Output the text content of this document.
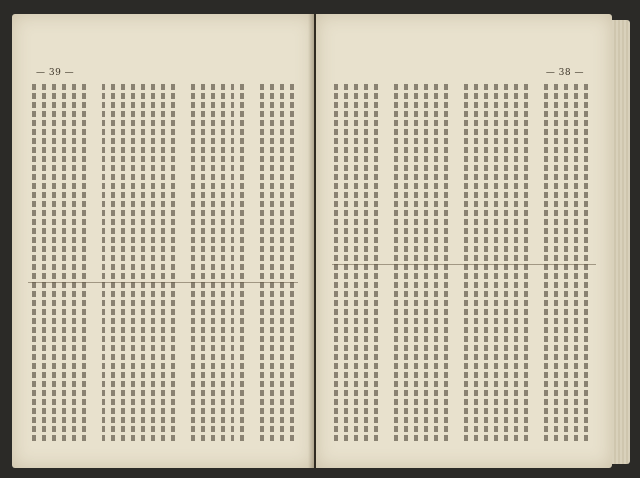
— 39 —	— 38 —
